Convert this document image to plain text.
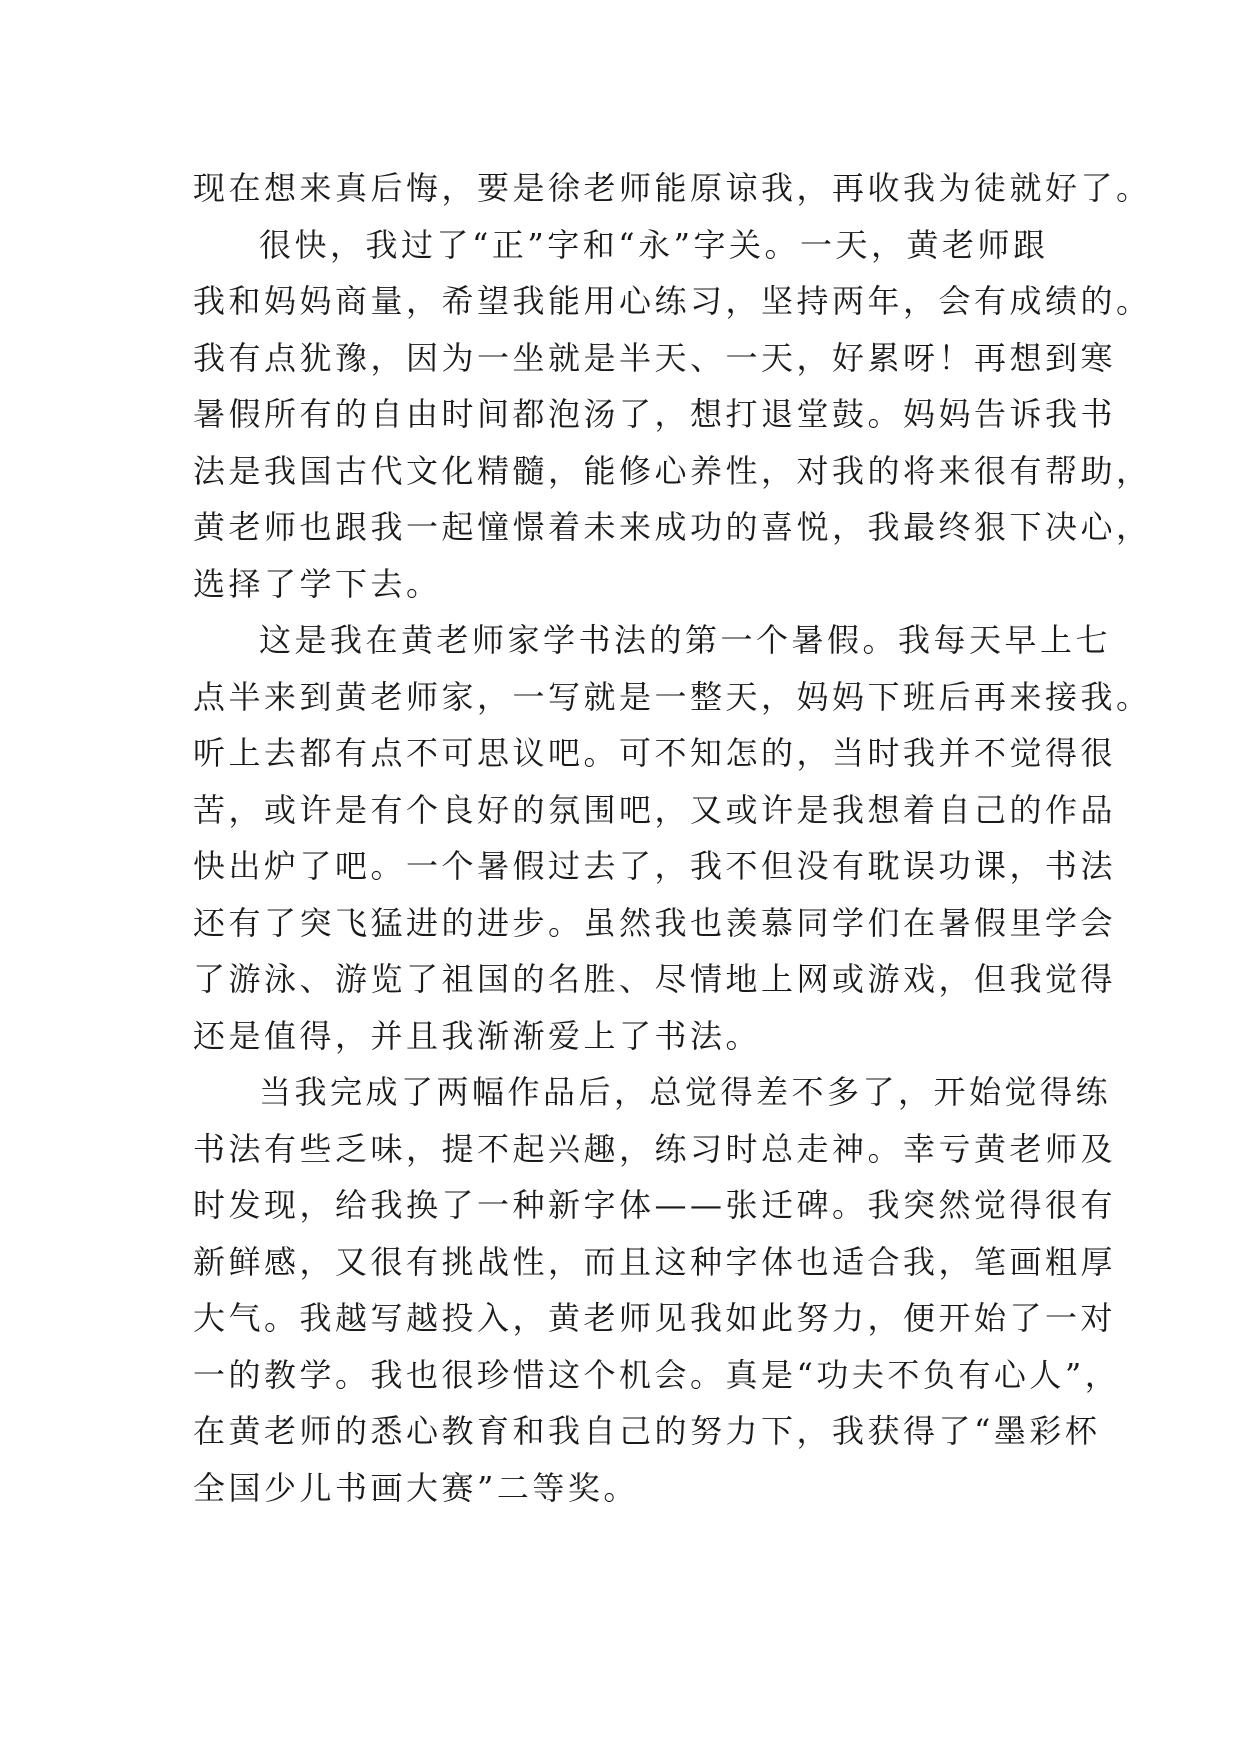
现在想来真后悔，要是徐老师能原谅我，再收我为徒就好了。
很快，我过了“正”字和“永”字关。一天，黄老师跟
我和妈妈商量，希望我能用心练习，坚持两年，会有成绩的。
我有点犹豫，因为一坐就是半天、一天，好累呀！再想到寒
暑假所有的自由时间都泡汤了，想打退堂鼓。妈妈告诉我书
法是我国古代文化精髓，能修心养性，对我的将来很有帮助，
黄老师也跟我一起憧憬着未来成功的喜悦，我最终狠下决心，
选择了学下去。
这是我在黄老师家学书法的第一个暑假。我每天早上七
点半来到黄老师家，一写就是一整天，妈妈下班后再来接我。
听上去都有点不可思议吧。可不知怎的，当时我并不觉得很
苦，或许是有个良好的氛围吧，又或许是我想着自己的作品
快出炉了吧。一个暑假过去了，我不但没有耽误功课，书法
还有了突飞猛进的进步。虽然我也羡慕同学们在暑假里学会
了游泳、游览了祖国的名胜、尽情地上网或游戏，但我觉得
还是值得，并且我渐渐爱上了书法。
当我完成了两幅作品后，总觉得差不多了，开始觉得练
书法有些乏味，提不起兴趣，练习时总走神。幸亏黄老师及
时发现，给我换了一种新字体——张迁碑。我突然觉得很有
新鲜感，又很有挑战性，而且这种字体也适合我，笔画粗厚
大气。我越写越投入，黄老师见我如此努力，便开始了一对
一的教学。我也很珍惜这个机会。真是“功夫不负有心人”，
在黄老师的悉心教育和我自己的努力下，我获得了“墨彩杯
全国少儿书画大赛”二等奖。
